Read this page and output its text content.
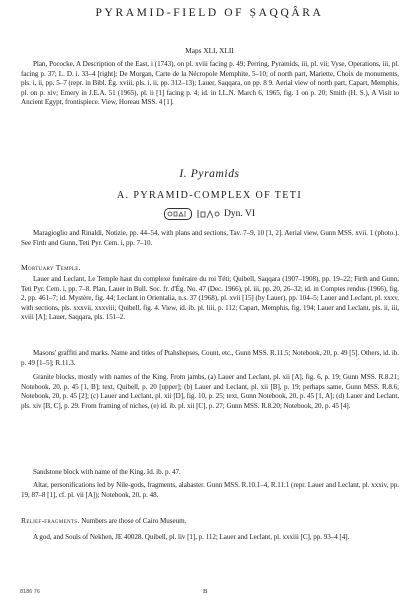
PYRAMID-FIELD OF ṢAQQÂRA
Maps XLI, XLII
Plan, Pococke, A Description of the East, i (1743), on pl. xviii facing p. 49; Perring, Pyramids, iii, pl. vii; Vyse, Operations, iii, pl. facing p. 37; L. D. i. 33–4 [right]; De Morgan, Carte de la Nécropole Memphite, 5–10; of north part, Mariette, Choix de monuments, pls. i, ii, pp. 5–7 (repr. in Bibl. Ég. xviii, pls. i, ii, pp. 312–13); Lauer, Saqqara, on pp. 8 9. Aerial view of north part, Capart, Memphis, pl. on p. xiv; Emery in J.E.A. 51 (1965), pl. ii [1] facing p. 4; id. in I.L.N. March 6, 1965, fig. 1 on p. 20; Smith (H. S.), A Visit to Ancient Egypt, frontispiece. View, Horeau MSS. 4 [1].
I. Pyramids
A. PYRAMID-COMPLEX OF TETI
Dyn. VI
Maragioglio and Rinaldi, Notizie, pp. 44–54, with plans and sections, Tav. 7–9, 10 [1, 2]. Aerial view, Gunn MSS. xvii. 1 (photo.). See Firth and Gunn, Teti Pyr. Cem. i, pp. 7–10.
Mortuary Temple.
Lauer and Leclant, Le Temple haut du complexe funéraire du roi Téti; Quibell, Saqqara (1907–1908), pp. 19–22; Firth and Gunn, Teti Pyr. Cem. i, pp. 7–8. Plan, Lauer in Bull. Soc. fr. d'Ég. No. 47 (Dec. 1966), pl. iii, pp. 20, 26–32; id. in Comptes rendus (1966), fig. 2, pp. 461–7; id. Mystère, fig. 44; Leclant in Orientalia, n.s. 37 (1968), pl. xvii [15] (by Lauer), pp. 104–5; Lauer and Leclant, pl. xxxv, with sections, pls. xxxvii, xxxviii; Quibell, fig. 4. View, id. ib. pl. liii, p. 112; Capart, Memphis, fig. 194; Lauer and Leclant, pls. ii, iii, xviii [A]; Lauer, Saqqara, pls. 151–2.
Masons' graffiti and marks. Name and titles of Ptahshepses, Count, etc., Gunn MSS. R.11.5; Notebook, 20, p. 49 [5]. Others, id. ib. p. 49 [1–5]; R.11.3.
Granite blocks, mostly with names of the King. From jambs, (a) Lauer and Leclant, pl. xii [A], fig. 6, p. 19; Gunn MSS. R.8.21; Notebook, 20, p. 45 [1, B]; text, Quibell, p. 20 [upper]; (b) Lauer and Leclant, pl. xii [B], p. 19; perhaps same, Gunn MSS. R.8.6; Notebook, 20, p. 45 [2]; (c) Lauer and Leclant, pl. xii [D], fig. 10, p. 25; text, Gunn Notebook, 20, p. 45 [1, A]; (d) Lauer and Leclant, pls. xiv [B, C], p. 29. From framing of niches, (e) id. ib. pl. xii [C], p. 27; Gunn MSS. R.8.20; Notebook, 20, p. 45 [4].
Sandstone block with name of the King. Id. ib. p. 47.
Altar, personifications led by Nile-gods, fragments, alabaster. Gunn MSS. R.10.1–4, R.11.1 (repr. Lauer and Leclant, pl. xxxiv, pp. 19, 87–8 [1], cf. pl. vii [A]); Notebook, 20, p. 48.
Relief-fragments. Numbers are those of Cairo Museum.
A god, and Souls of Nekhen, JE 40028. Quibell, pl. liv [1], p. 112; Lauer and Leclant, pl. xxxiii [C], pp. 93–4 [4].
8186 76	B
